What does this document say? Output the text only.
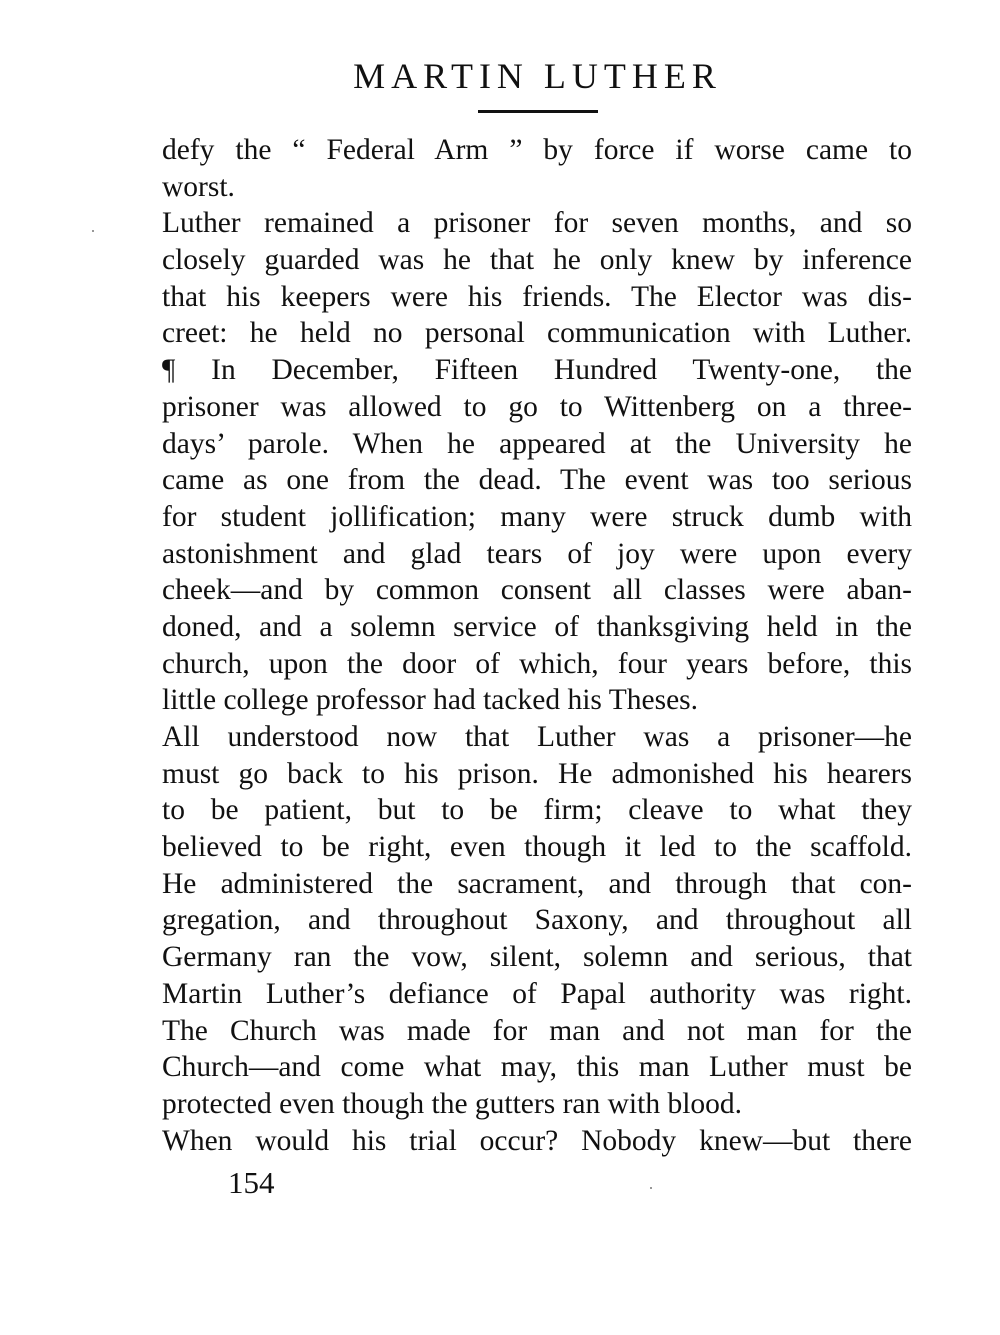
MARTIN LUTHER
defy the “ Federal Arm ” by force if worse came to
worst.
Luther remained a prisoner for seven months, and so
closely guarded was he that he only knew by inference
that his keepers were his friends. The Elector was dis-
creet: he held no personal communication with Luther.
¶ In December, Fifteen Hundred Twenty-one, the
prisoner was allowed to go to Wittenberg on a three-
days’ parole. When he appeared at the University he
came as one from the dead. The event was too serious
for student jollification; many were struck dumb with
astonishment and glad tears of joy were upon every
cheek—and by common consent all classes were aban-
doned, and a solemn service of thanksgiving held in the
church, upon the door of which, four years before, this
little college professor had tacked his Theses.
All understood now that Luther was a prisoner—he
must go back to his prison. He admonished his hearers
to be patient, but to be firm; cleave to what they
believed to be right, even though it led to the scaffold.
He administered the sacrament, and through that con-
gregation, and throughout Saxony, and throughout all
Germany ran the vow, silent, solemn and serious, that
Martin Luther’s defiance of Papal authority was right.
The Church was made for man and not man for the
Church—and come what may, this man Luther must be
protected even though the gutters ran with blood.
When would his trial occur? Nobody knew—but there
154
